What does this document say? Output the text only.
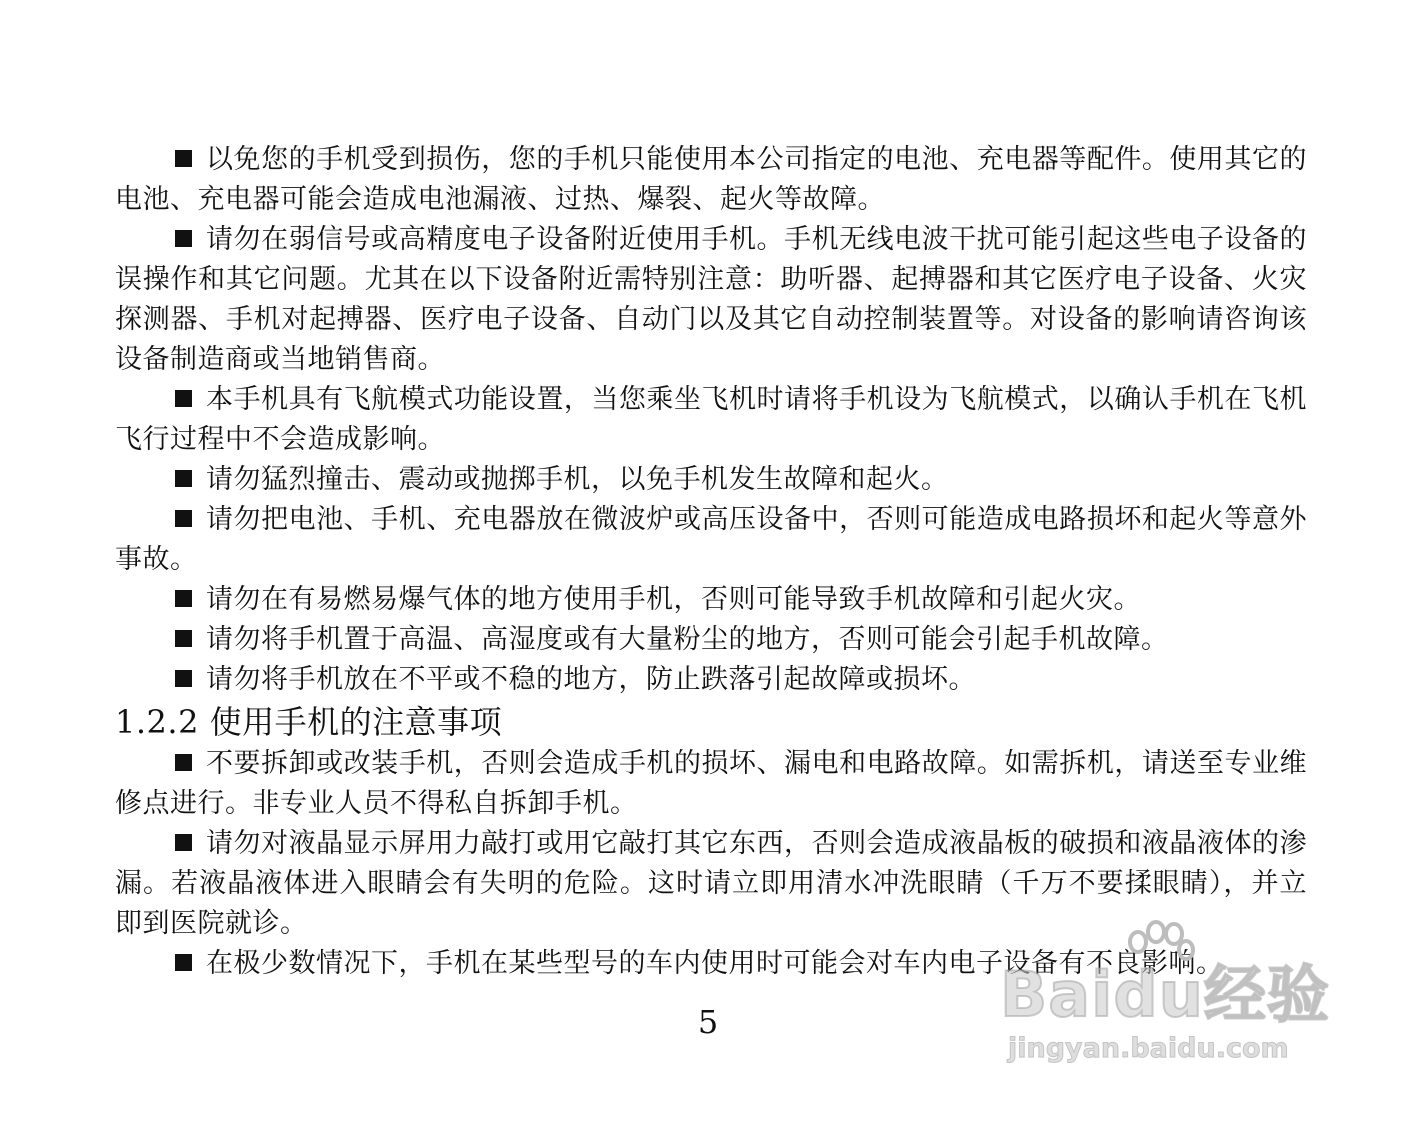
以免您的手机受到损伤，您的手机只能使用本公司指定的电池、充电器等配件。使用其它的电池、充电器可能会造成电池漏液、过热、爆裂、起火等故障。

请勿在弱信号或高精度电子设备附近使用手机。手机无线电波干扰可能引起这些电子设备的误操作和其它问题。尤其在以下设备附近需特别注意：助听器、起搏器和其它医疗电子设备、火灾探测器、手机对起搏器、医疗电子设备、自动门以及其它自动控制装置等。对设备的影响请咨询该设备制造商或当地销售商。

本手机具有飞航模式功能设置，当您乘坐飞机时请将手机设为飞航模式，以确认手机在飞机飞行过程中不会造成影响。

请勿猛烈撞击、震动或抛掷手机，以免手机发生故障和起火。

请勿把电池、手机、充电器放在微波炉或高压设备中，否则可能造成电路损坏和起火等意外事故。

请勿在有易燃易爆气体的地方使用手机，否则可能导致手机故障和引起火灾。

请勿将手机置于高温、高湿度或有大量粉尘的地方，否则可能会引起手机故障。

请勿将手机放在不平或不稳的地方，防止跌落引起故障或损坏。

1.2.2 使用手机的注意事项

不要拆卸或改装手机，否则会造成手机的损坏、漏电和电路故障。如需拆机，请送至专业维修点进行。非专业人员不得私自拆卸手机。

请勿对液晶显示屏用力敲打或用它敲打其它东西，否则会造成液晶板的破损和液晶液体的渗漏。若液晶液体进入眼睛会有失明的危险。这时请立即用清水冲洗眼睛（千万不要揉眼睛），并立即到医院就诊。

在极少数情况下，手机在某些型号的车内使用时可能会对车内电子设备有不良影响。

5	Baidu经验
jingyan.baidu.com
